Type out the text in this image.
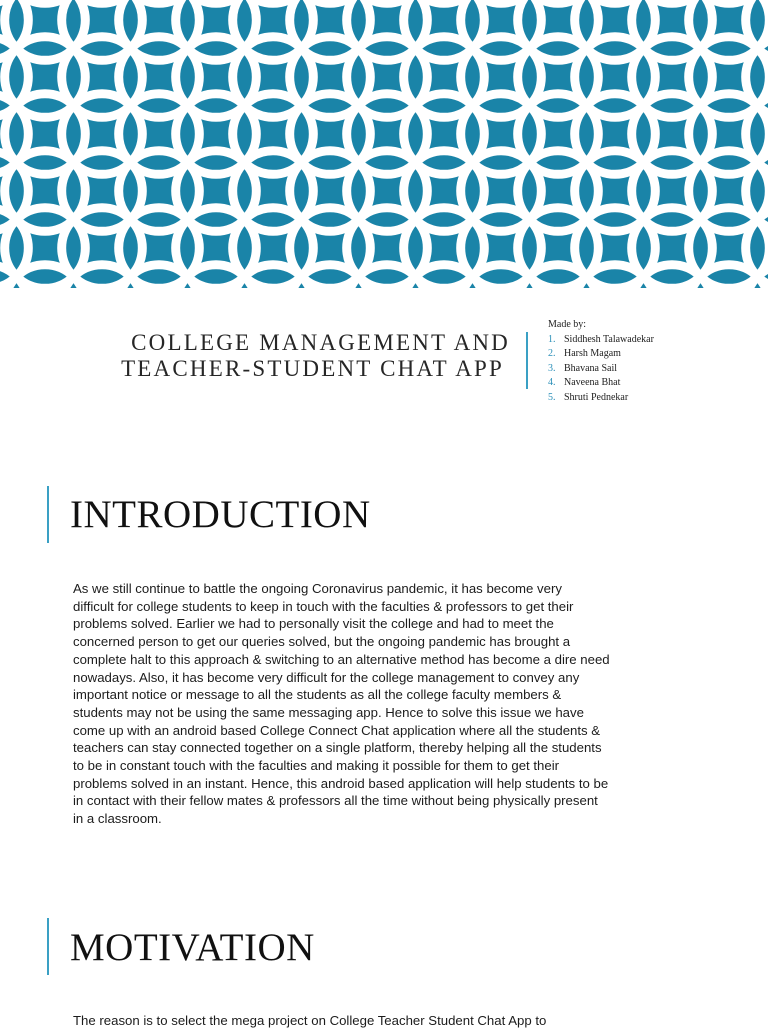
COLLEGE MANAGEMENT AND
TEACHER-STUDENT CHAT APP
Made by:
1. Siddhesh Talawadekar
2. Harsh Magam
3. Bhavana Sail
4. Naveena Bhat
5. Shruti Pednekar
INTRODUCTION
As we still continue to battle the ongoing Coronavirus pandemic, it has become very
difficult for college students to keep in touch with the faculties & professors to get their
problems solved. Earlier we had to personally visit the college and had to meet the
concerned person to get our queries solved, but the ongoing pandemic has brought a
complete halt to this approach & switching to an alternative method has become a dire need
nowadays. Also, it has become very difficult for the college management to convey any
important notice or message to all the students as all the college faculty members &
students may not be using the same messaging app. Hence to solve this issue we have
come up with an android based College Connect Chat application where all the students &
teachers can stay connected together on a single platform, thereby helping all the students
to be in constant touch with the faculties and making it possible for them to get their
problems solved in an instant. Hence, this android based application will help students to be
in contact with their fellow mates & professors all the time without being physically present
in a classroom.
MOTIVATION
The reason is to select the mega project on College Teacher Student Chat App to
